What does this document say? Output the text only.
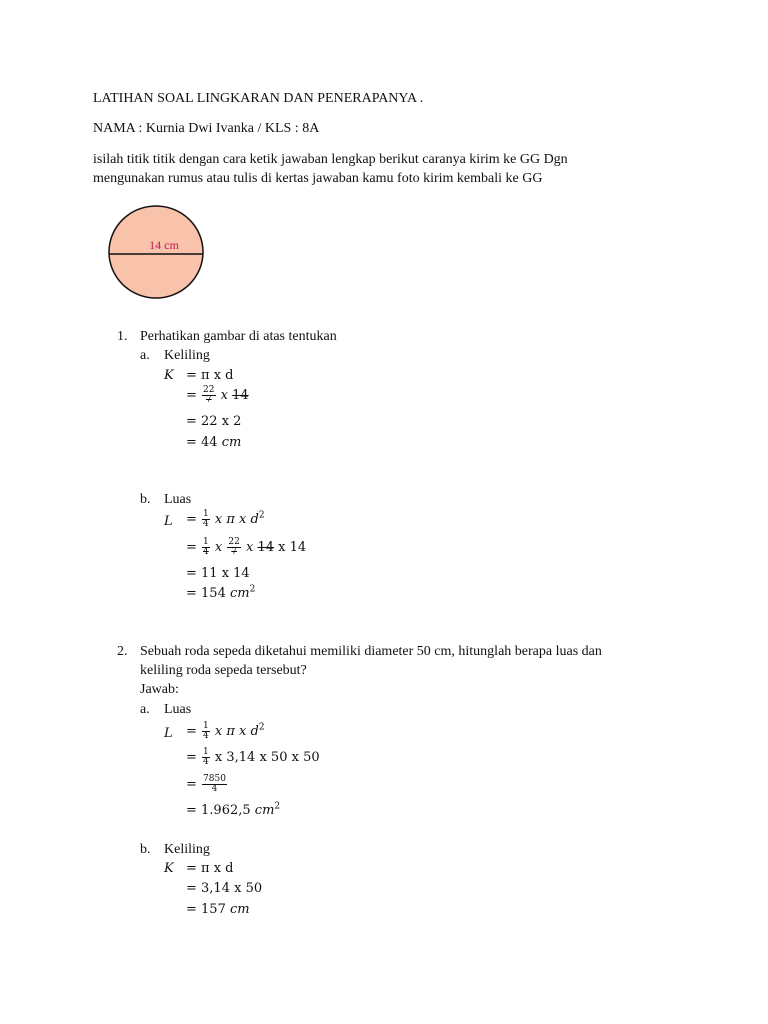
LATIHAN SOAL LINGKARAN DAN PENERAPANYA .
NAMA : Kurnia Dwi Ivanka / KLS : 8A
isilah titik titik dengan cara ketik jawaban lengkap berikut caranya kirim ke GG Dgn
mengunakan rumus atau tulis di kertas jawaban kamu foto kirim kembali ke GG
14 cm
1. Perhatikan gambar di atas tentukan
a. Keliling
K = π x d
= $\frac{22}{7}$ x 14
= 22 x 2
= 44 cm
b. Luas
$L = \frac{1}{4}$ x π x $d^2$
= $\frac{1}{4}$ x $\frac{22}{7}$ x 14 x 14
= 11 x 14
= 154 $cm^2$
2. Sebuah roda sepeda diketahui memiliki diameter 50 cm, hitunglah berapa luas dan
keliling roda sepeda tersebut?
Jawab:
a. Luas
$L = \frac{1}{4}$ x π x $d^2$
= $\frac{1}{4}$ x 3,14 x 50 x 50
= $\frac{7850}{4}$
= 1.962,5 $cm^2$
b. Keliling
K = π x d
= 3,14 x 50
= 157 cm
